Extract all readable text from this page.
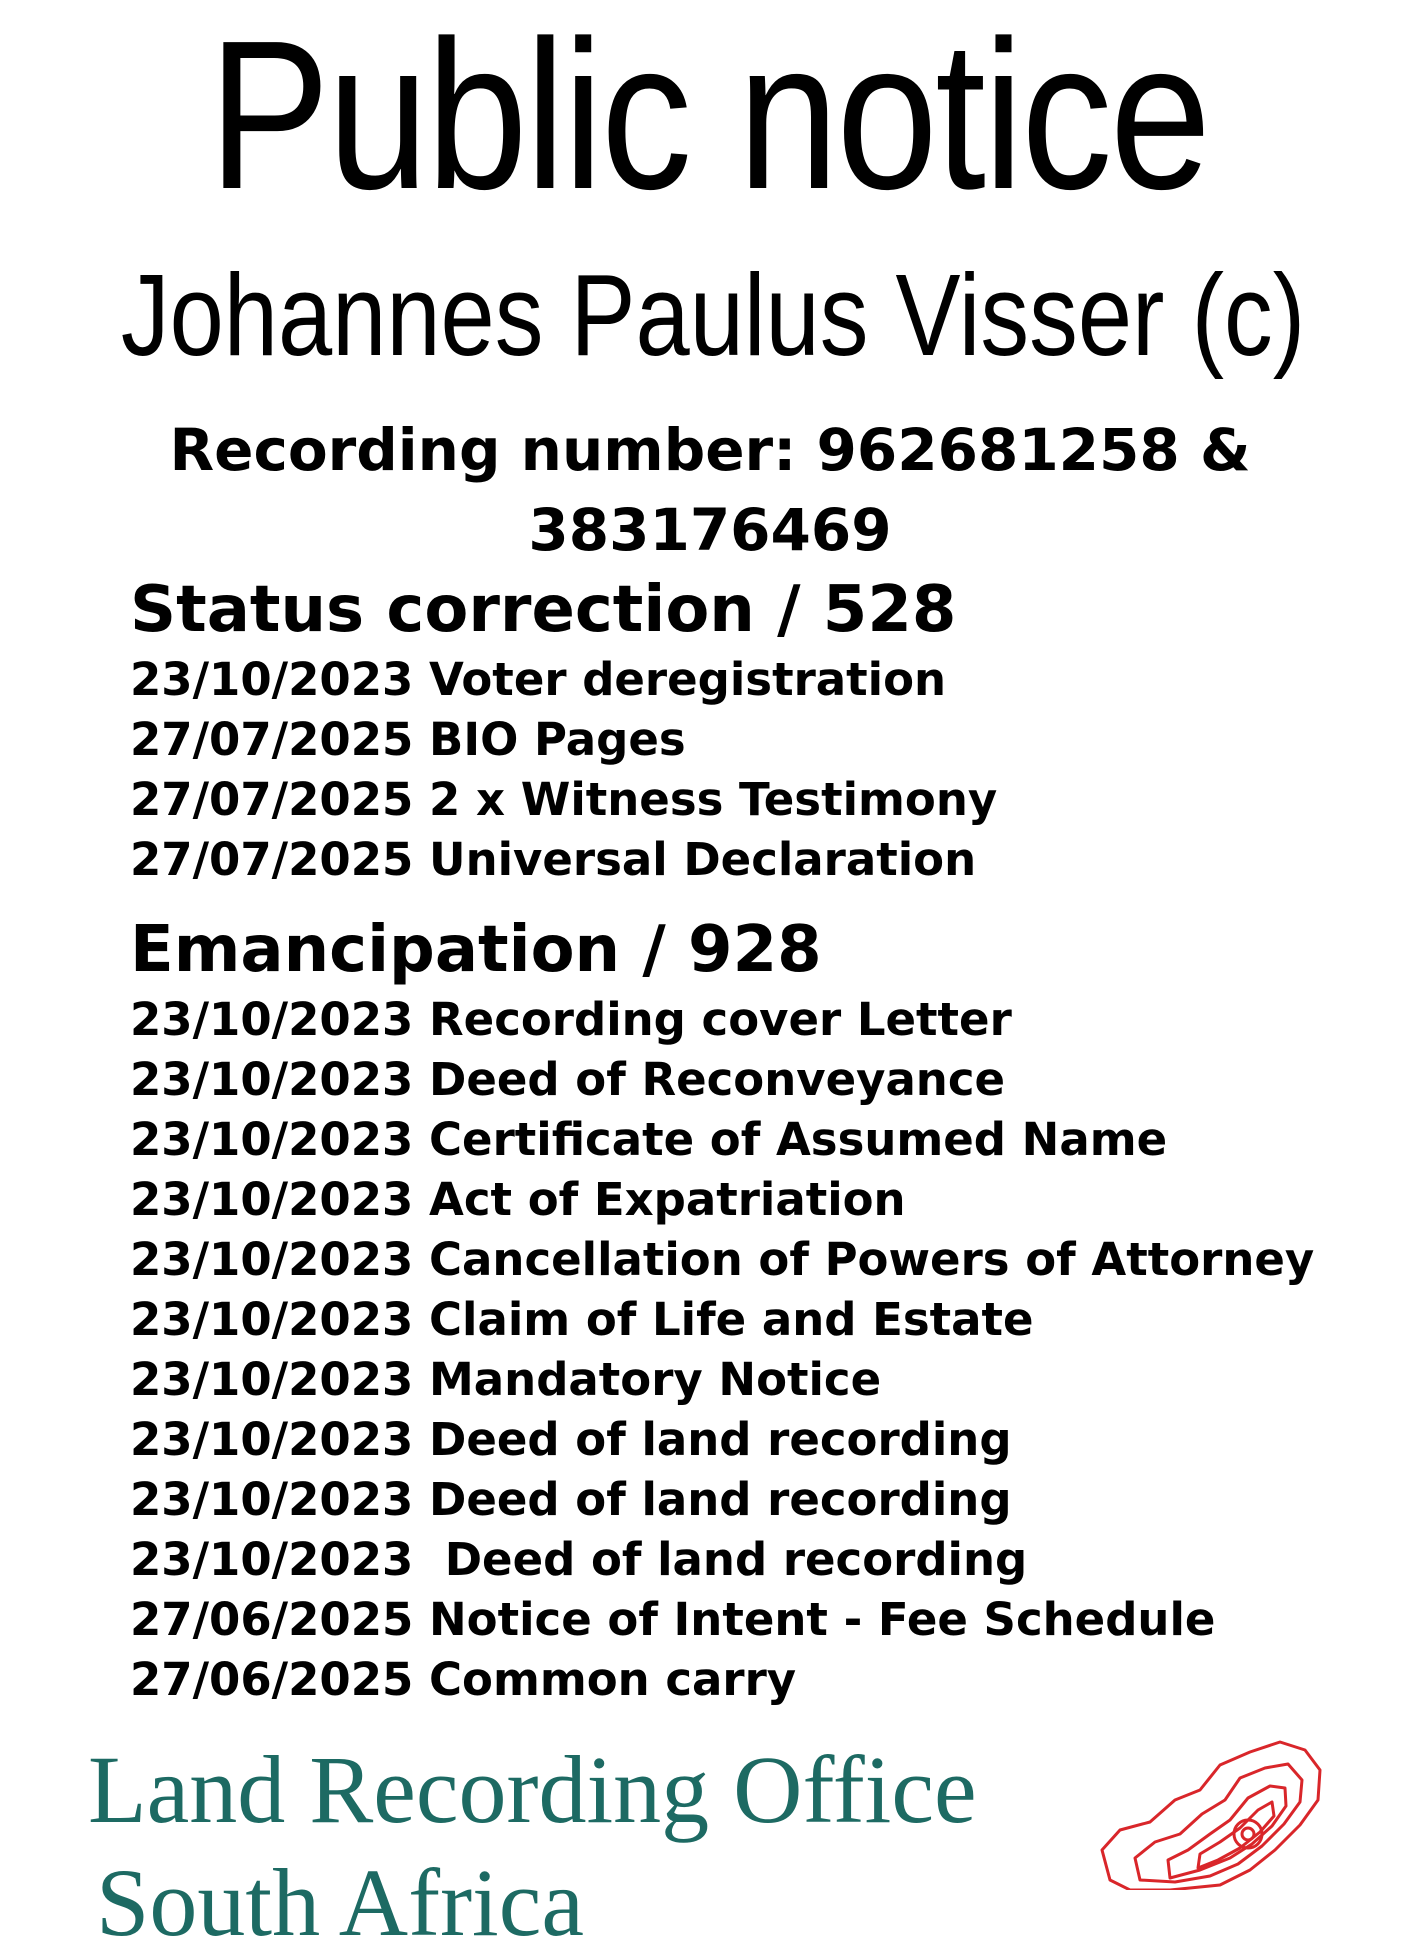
Public notice
Johannes Paulus Visser (c)
Recording number: 962681258 & 383176469
Status correction / 528
23/10/2023 Voter deregistration
27/07/2025 BIO Pages
27/07/2025 2 x Witness Testimony
27/07/2025 Universal Declaration
Emancipation / 928
23/10/2023 Recording cover Letter
23/10/2023 Deed of Reconveyance
23/10/2023 Certificate of Assumed Name
23/10/2023 Act of Expatriation
23/10/2023 Cancellation of Powers of Attorney
23/10/2023 Claim of Life and Estate
23/10/2023 Mandatory Notice
23/10/2023 Deed of land recording
23/10/2023 Deed of land recording
23/10/2023  Deed of land recording
27/06/2025 Notice of Intent - Fee Schedule
27/06/2025 Common carry
Land Recording Office
South Africa
